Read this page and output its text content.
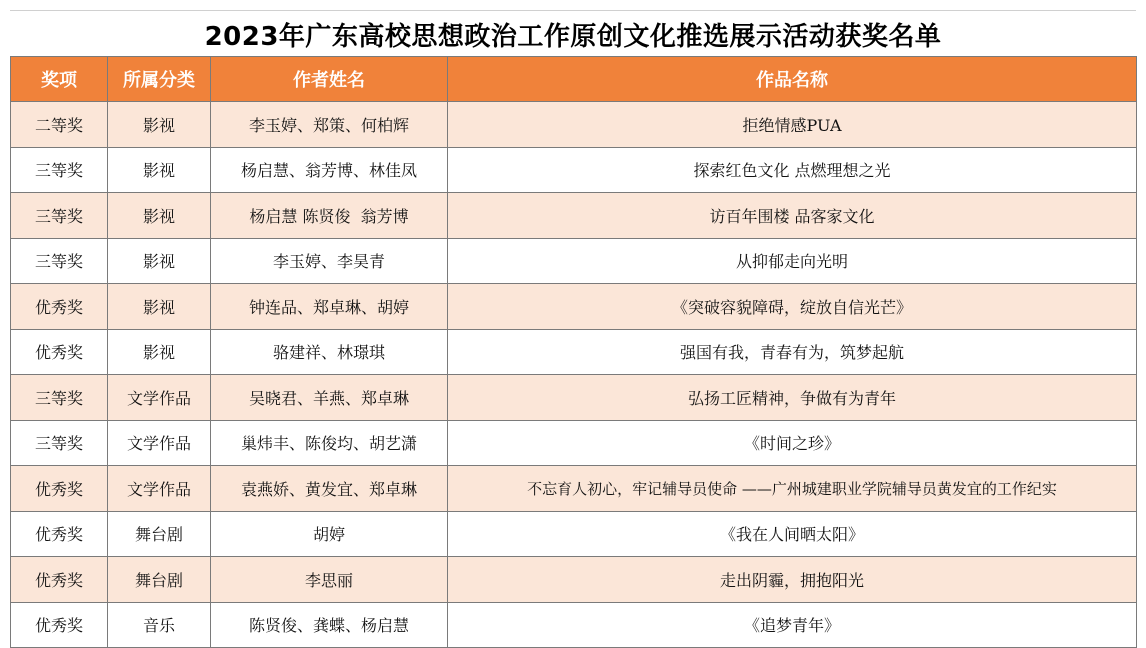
2023年广东高校思想政治工作原创文化推选展示活动获奖名单
奖项	所属分类	作者姓名	作品名称
二等奖	影视	李玉婷、郑策、何柏辉	拒绝情感PUA
三等奖	影视	杨启慧、翁芳博、林佳凤	探索红色文化 点燃理想之光
三等奖	影视	杨启慧 陈贤俊  翁芳博	访百年围楼 品客家文化
三等奖	影视	李玉婷、李昊青	从抑郁走向光明
优秀奖	影视	钟连品、郑卓琳、胡婷	《突破容貌障碍，绽放自信光芒》
优秀奖	影视	骆建祥、林璟琪	强国有我，青春有为，筑梦起航
三等奖	文学作品	吴晓君、羊燕、郑卓琳	弘扬工匠精神，争做有为青年
三等奖	文学作品	巢炜丰、陈俊均、胡艺潇	《时间之珍》
优秀奖	文学作品	袁燕娇、黄发宜、郑卓琳	不忘育人初心，牢记辅导员使命 ——广州城建职业学院辅导员黄发宜的工作纪实
优秀奖	舞台剧	胡婷	《我在人间晒太阳》
优秀奖	舞台剧	李思丽	走出阴霾，拥抱阳光
优秀奖	音乐	陈贤俊、龚蝶、杨启慧	《追梦青年》
